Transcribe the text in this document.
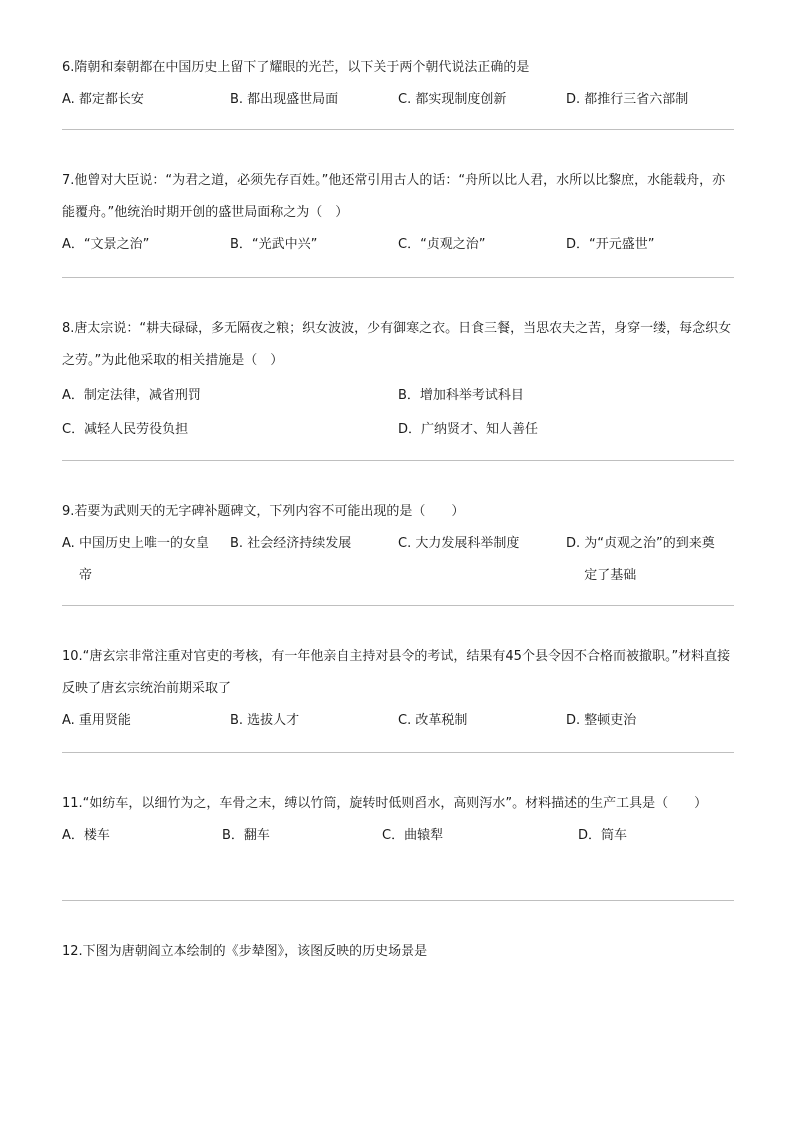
6.隋朝和秦朝都在中国历史上留下了耀眼的光芒，以下关于两个朝代说法正确的是

A. 都定都长安	B. 都出现盛世局面	C. 都实现制度创新	D. 都推行三省六部制

7.他曾对大臣说：“为君之道，必须先存百姓。”他还常引用古人的话：“舟所以比人君，水所以比黎庶，水能载舟，亦能覆舟。”他统治时期开创的盛世局面称之为（　）

A．“文景之治”	B．“光武中兴”	C．“贞观之治”	D．“开元盛世”

8.唐太宗说：“耕夫碌碌，多无隔夜之粮；织女波波，少有御寒之衣。日食三餐，当思农夫之苦，身穿一缕，每念织女之劳。”为此他采取的相关措施是（　）

A．制定法律，减省刑罚	B．增加科举考试科目
C．减轻人民劳役负担	D．广纳贤才、知人善任

9.若要为武则天的无字碑补题碑文，下列内容不可能出现的是（　　）

A. 中国历史上唯一的女皇帝
B. 社会经济持续发展	C. 大力发展科举制度	D. 为“贞观之治”的到来奠定了基础

10.“唐玄宗非常注重对官吏的考核，有一年他亲自主持对县令的考试，结果有45个县令因不合格而被撤职。”材料直接反映了唐玄宗统治前期采取了

A. 重用贤能	B. 选拔人才	C. 改革税制	D. 整顿吏治

11.“如纺车，以细竹为之，车骨之末，缚以竹筒，旋转时低则舀水，高则泻水”。材料描述的生产工具是（　　）

A．楼车	B．翻车	C．曲辕犁	D．筒车

12.下图为唐朝阎立本绘制的《步辇图》，该图反映的历史场景是
